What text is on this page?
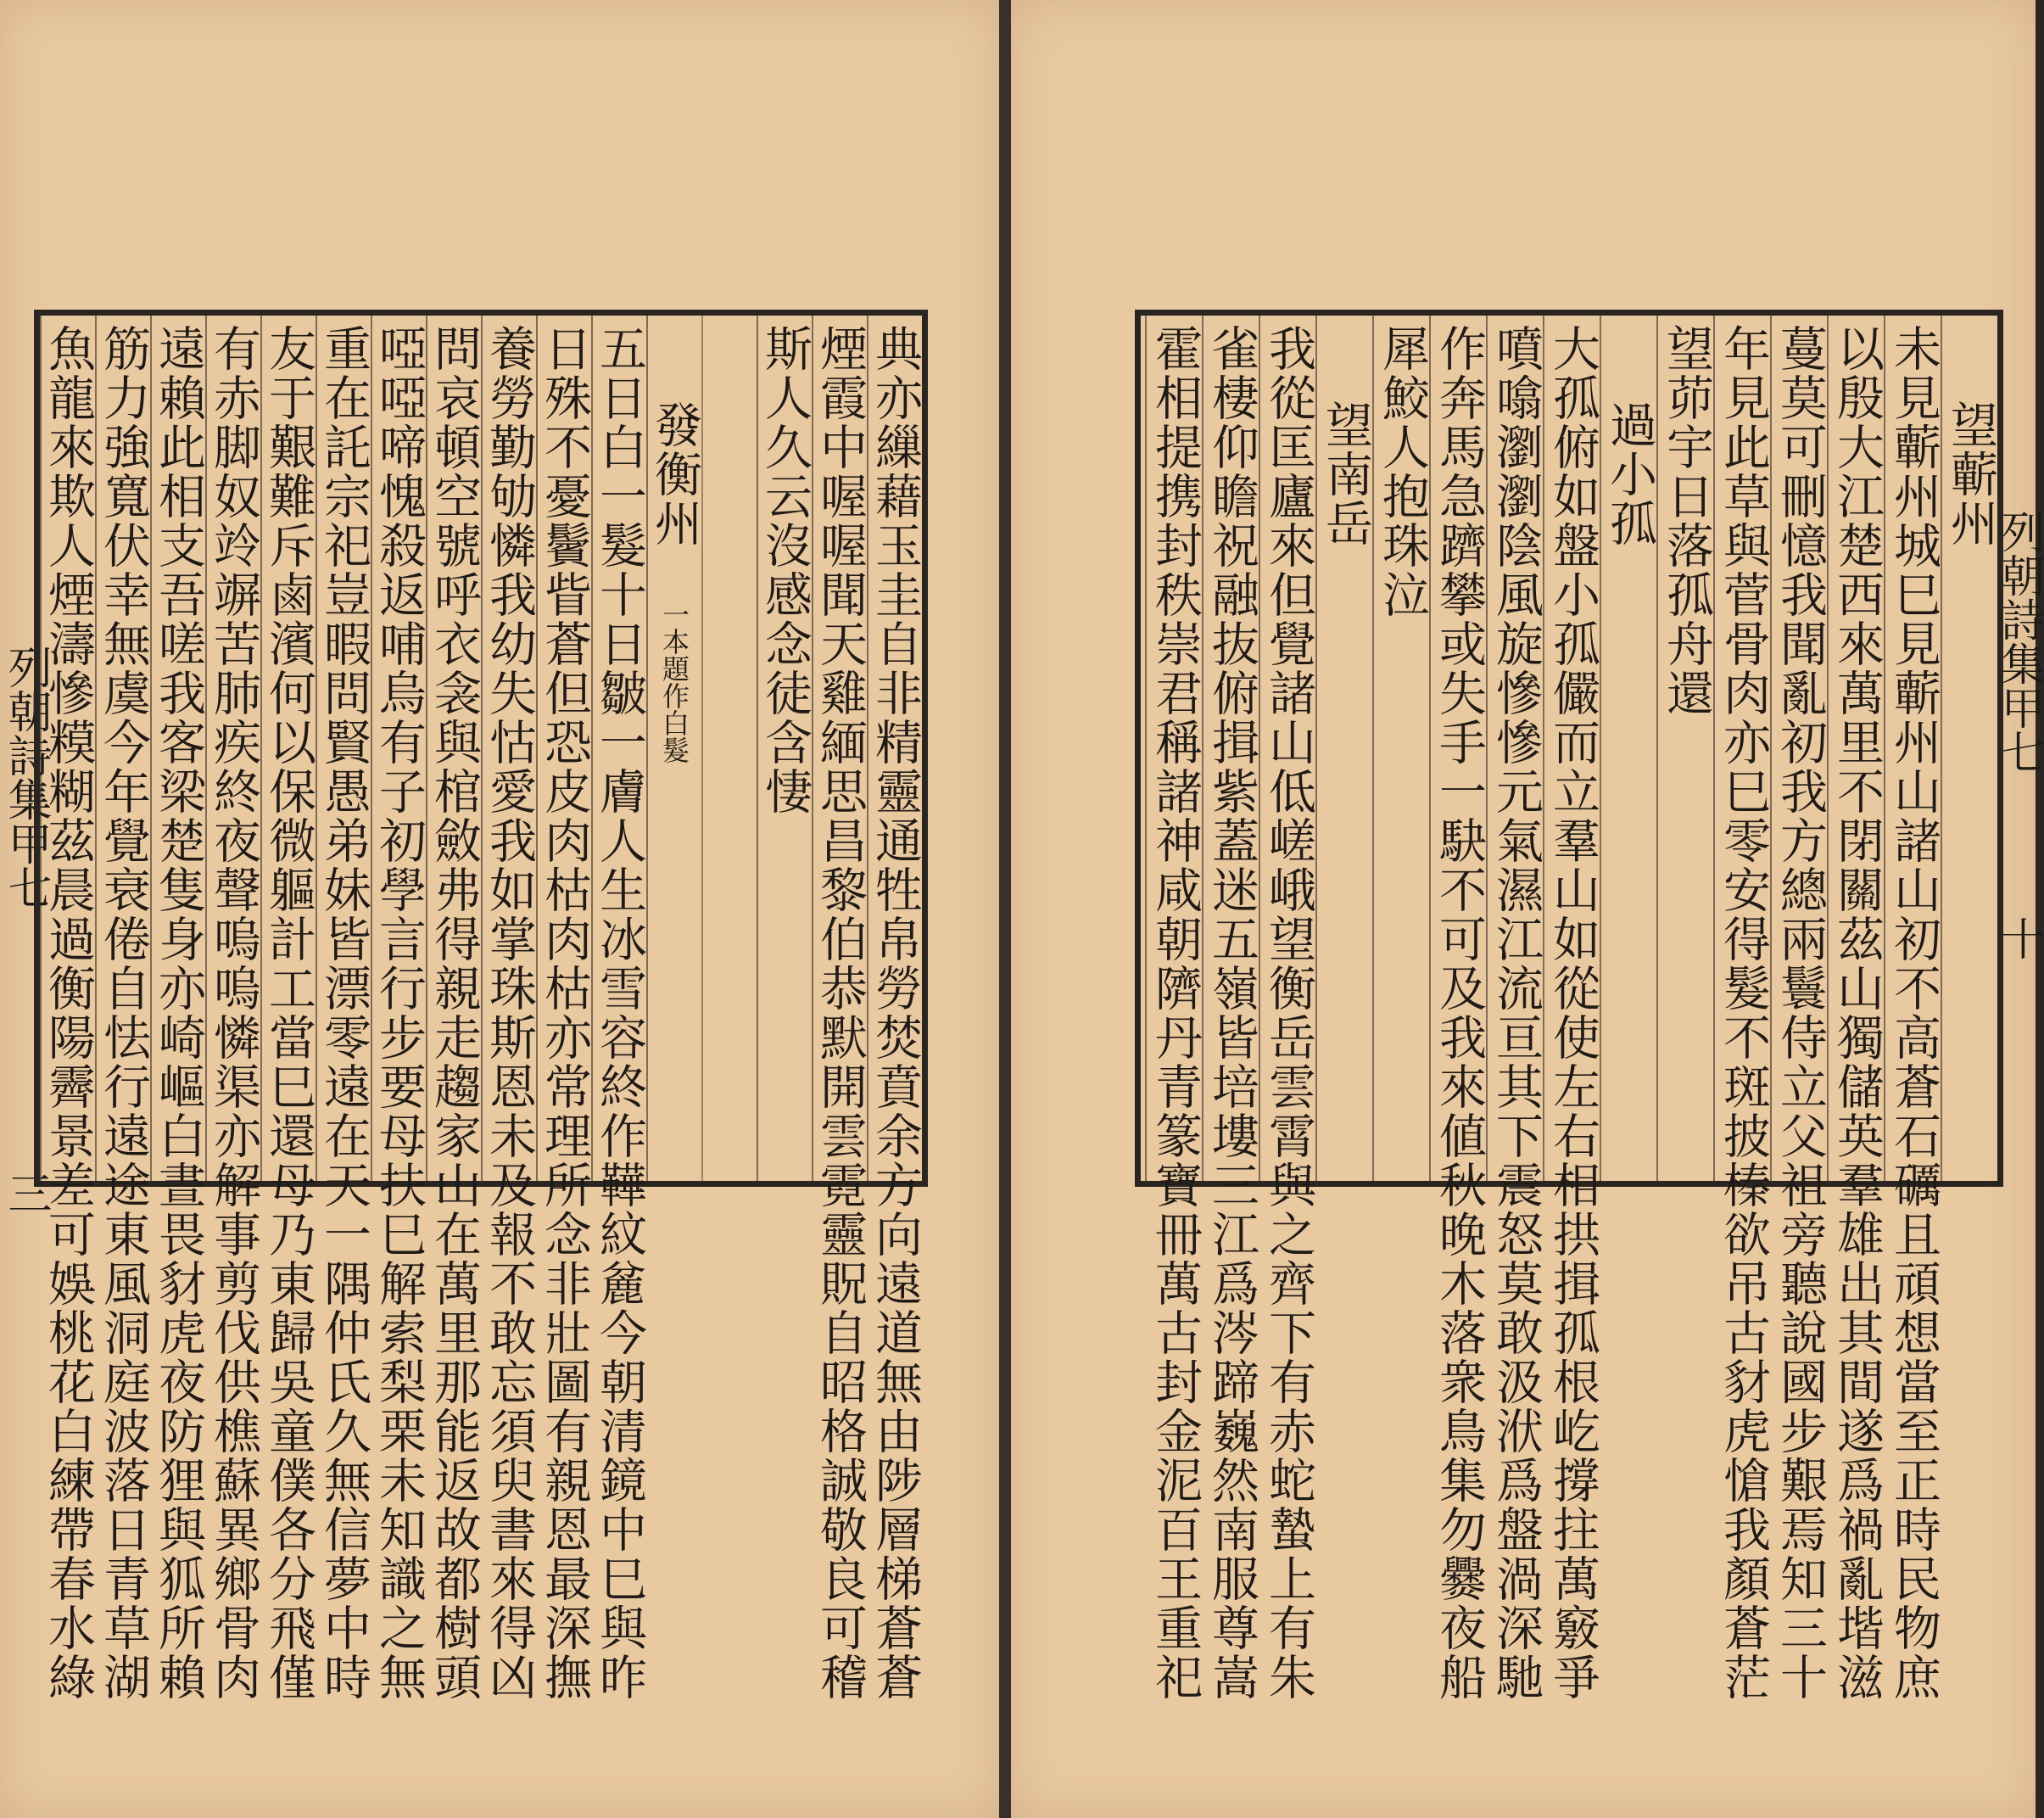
列朝詩集甲七
三	典亦繅藉玉圭自非精靈通牲帛勞焚賁余方向遠道無由陟層梯蒼蒼
煙霞中喔喔聞天雞緬思昌黎伯恭默開雲霓靈貺自昭格誠敬良可稽
斯人久云沒感念徒含悽
發衡州　一本題作白髮
五日白一髮十日皺一膚人生冰雪容終作鞾紋麄今朝清鏡中巳與昨
日殊不憂鬢眥蒼但恐皮肉枯肉枯亦常理所念非壯圖有親恩最深撫
養勞勤劬憐我幼失怙愛我如掌珠斯恩未及報不敢忘須臾書來得凶
問哀頓空號呼衣衾與棺斂弗得親走趨家山在萬里那能返故都樹頭
啞啞啼愧殺返哺烏有子初學言行步要母扶巳解索梨栗未知識之無
重在託宗祀豈暇問賢愚弟妹皆漂零遠在天一隅仲氏久無信夢中時
友于艱難斥鹵濱何以保微軀計工當巳還母乃東歸吳童僕各分飛僅
有赤脚奴竛竮苦肺疾終夜聲嗚嗚憐渠亦解事剪伐供樵蘇異鄉骨肉
遠賴此相支吾嗟我客梁楚隻身亦崎嶇白晝畏豺虎夜防狸與狐所賴
筋力強寬伏幸無虞今年覺衰倦自怯行遠途東風洞庭波落日青草湖
魚龍來欺人煙濤慘糢糊茲晨過衡陽霽景差可娛桃花白練帶春水綠	望蘄州
未見蘄州城巳見蘄州山諸山初不高蒼石礪且頑想當至正時民物庶
以殷大江楚西來萬里不閉關茲山獨儲英羣雄出其間遂爲禍亂堦滋
蔓莫可刪憶我聞亂初我方總兩鬟侍立父祖旁聽說國步艱焉知三十
年見此草與菅骨肉亦巳零安得髮不斑披榛欲吊古豺虎愴我顏蒼茫
望茆宇日落孤舟還
過小孤
大孤俯如盤小孤儼而立羣山如從使左右相拱揖孤根屹撐拄萬竅爭
噴噏瀏瀏陰風旋慘慘元氣濕江流亘其下震怒莫敢汲洑爲盤渦深馳
作奔馬急躋攀或失手一駃不可及我來値秋晚木落衆鳥集勿爨夜船
犀鮫人抱珠泣
望南岳
我從匡廬來但覺諸山低嵯峨望衡岳雲霄與之齊下有赤蛇蟄上有朱
雀棲仰瞻祝融抜俯揖紫蓋迷五嶺皆培塿三江爲涔蹄巍然南服尊嵩
霍相提携封秩崇君稱諸神咸朝隮丹青篆寶冊萬古封金泥百王重祀	列朝詩集甲七
十
